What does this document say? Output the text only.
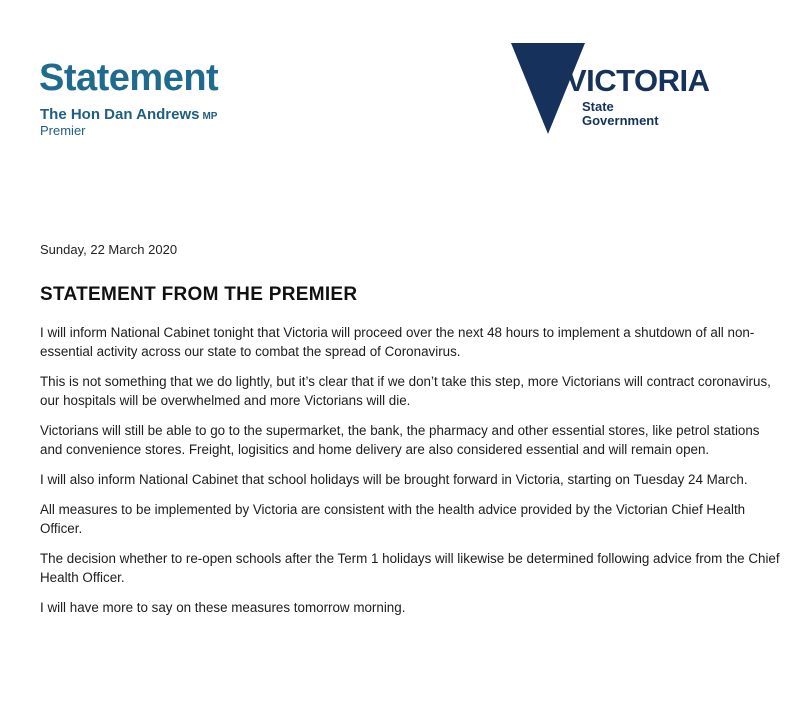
Statement
The Hon Dan Andrews MP
Premier
VICTORIA
State
Government
Sunday, 22 March 2020
STATEMENT FROM THE PREMIER

I will inform National Cabinet tonight that Victoria will proceed over the next 48 hours to implement a shutdown of all non-essential activity across our state to combat the spread of Coronavirus.

This is not something that we do lightly, but it’s clear that if we don’t take this step, more Victorians will contract coronavirus, our hospitals will be overwhelmed and more Victorians will die.

Victorians will still be able to go to the supermarket, the bank, the pharmacy and other essential stores, like petrol stations and convenience stores. Freight, logisitics and home delivery are also considered essential and will remain open.

I will also inform National Cabinet that school holidays will be brought forward in Victoria, starting on Tuesday 24 March.

All measures to be implemented by Victoria are consistent with the health advice provided by the Victorian Chief Health Officer.

The decision whether to re-open schools after the Term 1 holidays will likewise be determined following advice from the Chief Health Officer.

I will have more to say on these measures tomorrow morning.
